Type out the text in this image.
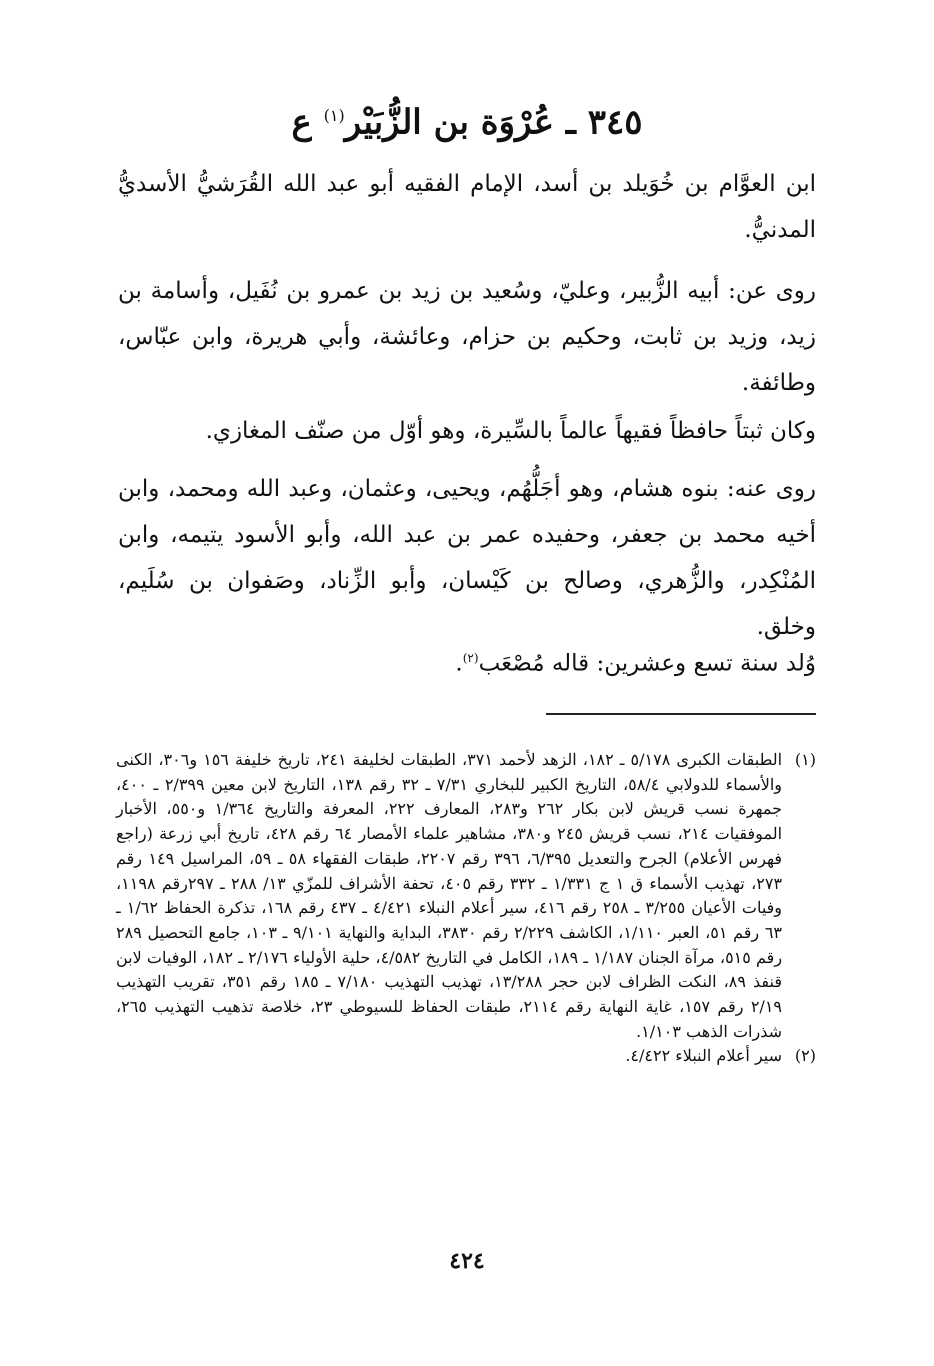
٣٤٥ ـ عُرْوَة بن الزُّبَيْر$^{(١)}$ ع

ابن العوَّام بن خُوَيلد بن أسد، الإمام الفقيه أبو عبد الله القُرَشيُّ الأسديُّ المدنيُّ.

روى عن: أبيه الزُّبير، وعليّ، وسُعيد بن زيد بن عمرو بن نُفَيل، وأسامة بن زيد، وزيد بن ثابت، وحكيم بن حزام، وعائشة، وأبي هريرة، وابن عبّاس، وطائفة.

وكان ثبتاً حافظاً فقيهاً عالماً بالسِّيرة، وهو أوّل من صنّف المغازي.

روى عنه: بنوه هشام، وهو أجَلُّهُم، ويحيى، وعثمان، وعبد الله ومحمد، وابن أخيه محمد بن جعفر، وحفيده عمر بن عبد الله، وأبو الأسود يتيمه، وابن المُنْكِدر، والزُّهري، وصالح بن كَيْسان، وأبو الزِّناد، وصَفوان بن سُلَيم، وخلق.

وُلد سنة تسع وعشرين: قاله مُصْعَب$^{(٢)}$.

(١)
الطبقات الكبرى ٥/١٧٨ ـ ١٨٢، الزهد لأحمد ٣٧١، الطبقات لخليفة ٢٤١، تاريخ خليفة ١٥٦ و٣٠٦، الكنى والأسماء للدولابي ٥٨/٤، التاريخ الكبير للبخاري ٧/٣١ ـ ٣٢ رقم ١٣٨، التاريخ لابن معين ٢/٣٩٩ ـ ٤٠٠، جمهرة نسب قريش لابن بكار ٢٦٢ و٢٨٣، المعارف ٢٢٢، المعرفة والتاريخ ١/٣٦٤ و٥٥٠، الأخبار الموفقيات ٢١٤، نسب قريش ٢٤٥ و٣٨٠، مشاهير علماء الأمصار ٦٤ رقم ٤٢٨، تاريخ أبي زرعة (راجع فهرس الأعلام) الجرح والتعديل ٦/٣٩٥، ٣٩٦ رقم ٢٢٠٧، طبقات الفقهاء ٥٨ ـ ٥٩، المراسيل ١٤٩ رقم ٢٧٣، تهذيب الأسماء ق ١ ج ١/٣٣١ ـ ٣٣٢ رقم ٤٠٥، تحفة الأشراف للمزّي ١٣/ ٢٨٨ ـ ٢٩٧رقم ١١٩٨، وفيات الأعيان ٣/٢٥٥ ـ ٢٥٨ رقم ٤١٦، سير أعلام النبلاء ٤/٤٢١ ـ ٤٣٧ رقم ١٦٨، تذكرة الحفاظ ١/٦٢ ـ ٦٣ رقم ٥١، العبر ١/١١٠، الكاشف ٢/٢٢٩ رقم ٣٨٣٠، البداية والنهاية ٩/١٠١ ـ ١٠٣، جامع التحصيل ٢٨٩ رقم ٥١٥، مرآة الجنان ١/١٨٧ ـ ١٨٩، الكامل في التاريخ ٤/٥٨٢، حلية الأولياء ٢/١٧٦ ـ ١٨٢، الوفيات لابن قنفذ ٨٩، النكت الظراف لابن حجر ١٣/٢٨٨، تهذيب التهذيب ٧/١٨٠ ـ ١٨٥ رقم ٣٥١، تقريب التهذيب ٢/١٩ رقم ١٥٧، غاية النهاية رقم ٢١١٤، طبقات الحفاظ للسيوطي ٢٣، خلاصة تذهيب التهذيب ٢٦٥، شذرات الذهب ١/١٠٣.
(٢)
سير أعلام النبلاء ٤/٤٢٢.
٤٢٤
